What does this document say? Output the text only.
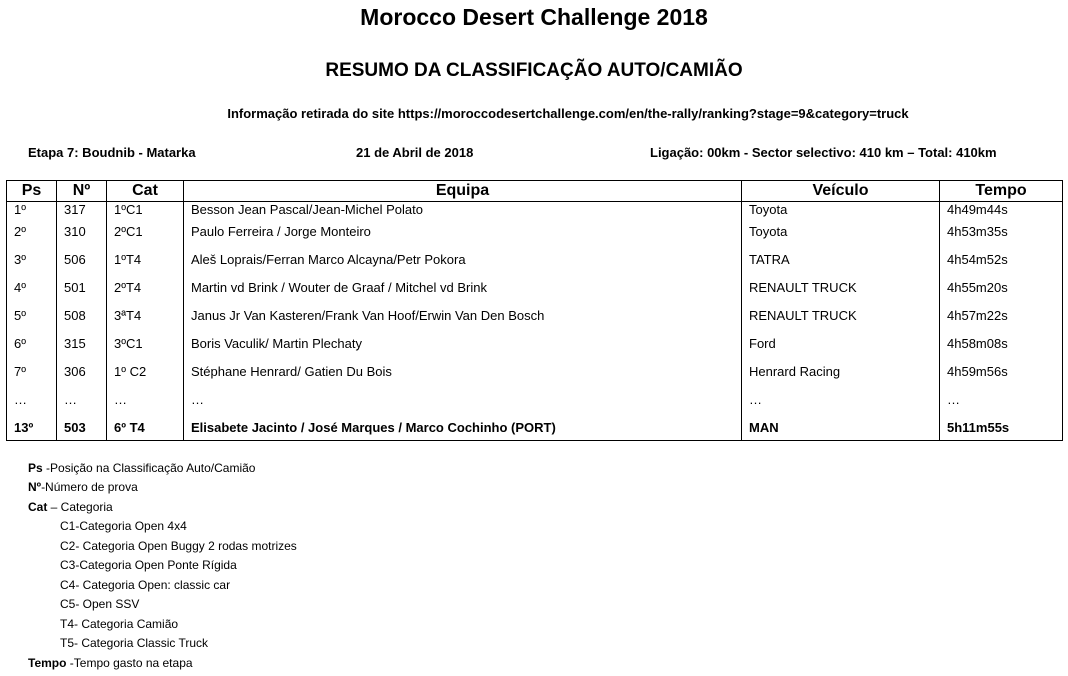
Morocco Desert Challenge 2018
RESUMO DA CLASSIFICAÇÃO AUTO/CAMIÃO
Informação retirada do site https://moroccodesertchallenge.com/en/the-rally/ranking?stage=9&category=truck
Etapa 7: Boudnib - Matarka	21 de Abril de 2018	Ligação: 00km - Sector selectivo: 410 km – Total: 410km
Ps	Nº	Cat	Equipa	Veículo	Tempo
1º	317	1ºC1	Besson Jean Pascal/Jean-Michel Polato	Toyota	4h49m44s
2º	310	2ºC1	Paulo Ferreira / Jorge Monteiro	Toyota	4h53m35s
3º	506	1ºT4	Aleš Loprais/Ferran Marco Alcayna/Petr Pokora	TATRA	4h54m52s
4º	501	2ºT4	Martin vd Brink / Wouter de Graaf / Mitchel vd Brink	RENAULT TRUCK	4h55m20s
5º	508	3ªT4	Janus Jr Van Kasteren/Frank Van Hoof/Erwin Van Den Bosch	RENAULT TRUCK	4h57m22s
6º	315	3ºC1	Boris Vaculik/ Martin Plechaty	Ford	4h58m08s
7º	306	1º C2	Stéphane Henrard/ Gatien Du Bois	Henrard Racing	4h59m56s
…	…	…	…	…	…
13º	503	6º T4	Elisabete Jacinto / José Marques / Marco Cochinho (PORT)	MAN	5h11m55s
Ps -Posição na Classificação Auto/Camião
Nº-Número de prova
Cat – Categoria
C1-Categoria Open 4x4
C2- Categoria Open Buggy 2 rodas motrizes
C3-Categoria Open Ponte Rígida
C4- Categoria Open: classic car
C5- Open SSV
T4- Categoria Camião
T5- Categoria Classic Truck
Tempo -Tempo gasto na etapa
